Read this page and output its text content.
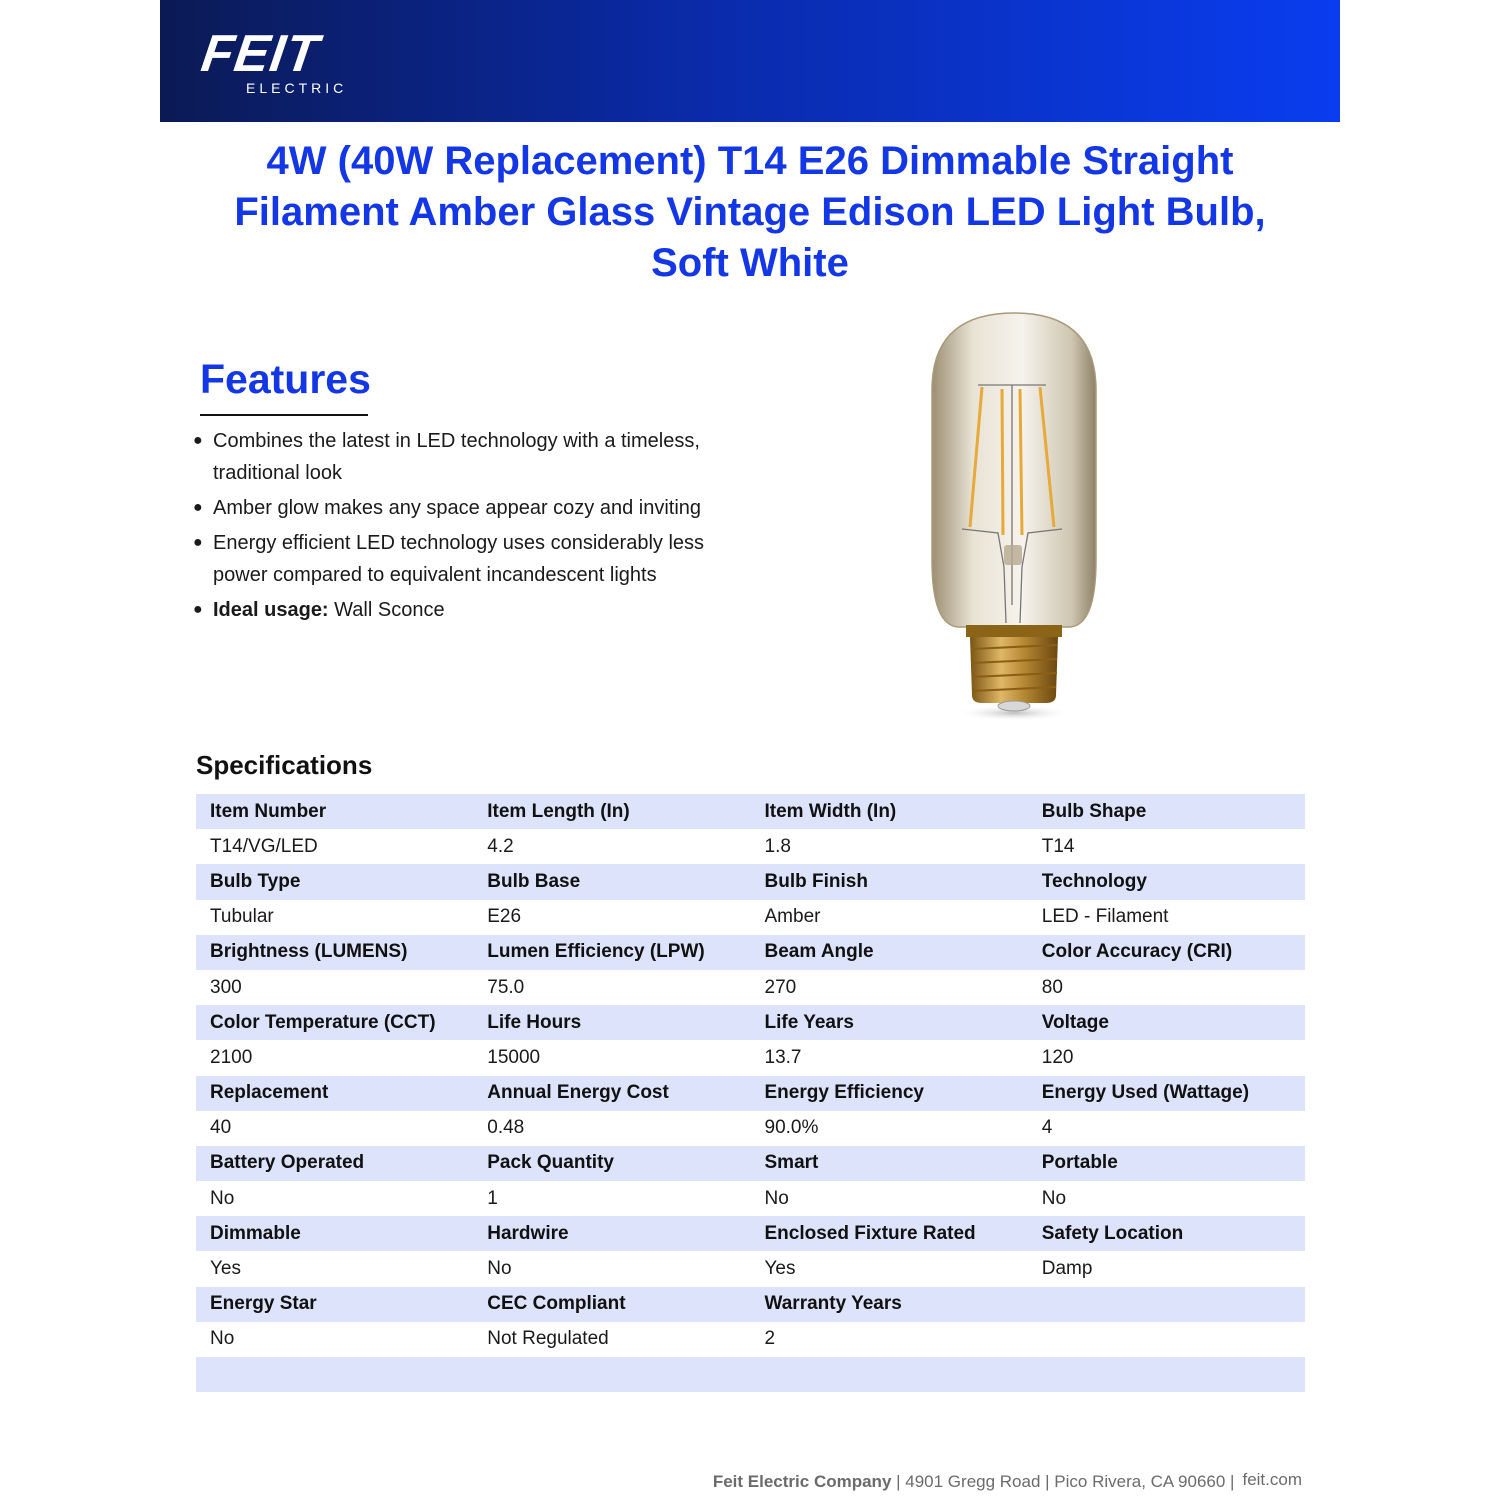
FEIT
ELECTRIC
4W (40W Replacement) T14 E26 Dimmable Straight Filament Amber Glass Vintage Edison LED Light Bulb, Soft White
Features
● Combines the latest in LED technology with a timeless, traditional look
● Amber glow makes any space appear cozy and inviting
● Energy efficient LED technology uses considerably less power compared to equivalent incandescent lights
● Ideal usage: Wall Sconce
Specifications
Item Number	Item Length (In)	Item Width (In)	Bulb Shape
T14/VG/LED	4.2	1.8	T14
Bulb Type	Bulb Base	Bulb Finish	Technology
Tubular	E26	Amber	LED - Filament
Brightness (LUMENS)	Lumen Efficiency (LPW)	Beam Angle	Color Accuracy (CRI)
300	75.0	270	80
Color Temperature (CCT)	Life Hours	Life Years	Voltage
2100	15000	13.7	120
Replacement	Annual Energy Cost	Energy Efficiency	Energy Used (Wattage)
40	0.48	90.0%	4
Battery Operated	Pack Quantity	Smart	Portable
No	1	No	No
Dimmable	Hardwire	Enclosed Fixture Rated	Safety Location
Yes	No	Yes	Damp
Energy Star	CEC Compliant	Warranty Years	
No	Not Regulated	2	

Feit Electric Company | 4901 Gregg Road | Pico Rivera, CA 90660 | feit.com
